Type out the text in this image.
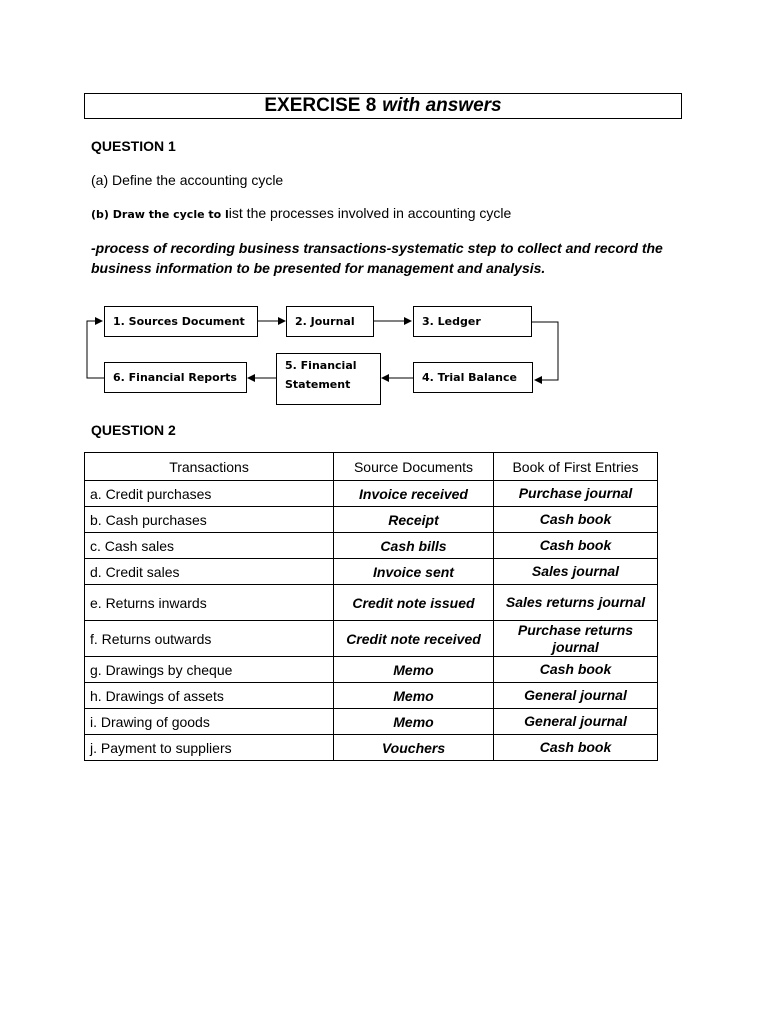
EXERCISE 8 with answers
QUESTION 1
(a) Define the accounting cycle
(b) Draw the cycle to list the processes involved in accounting cycle
-process of recording business transactions-systematic step to collect and record the business information to be presented for management and analysis.
1. Sources Document	2. Journal	3. Ledger
4. Trial Balance
5. Financial Statement
6. Financial Reports
QUESTION 2
Transactions	Source Documents	Book of First Entries
a. Credit purchases	Invoice received	Purchase journal
b. Cash purchases	Receipt	Cash book
c. Cash sales	Cash bills	Cash book
d. Credit sales	Invoice sent	Sales journal
e. Returns inwards	Credit note issued	Sales returns journal
f. Returns outwards	Credit note received	Purchase returns journal
g. Drawings by cheque	Memo	Cash book
h. Drawings of assets	Memo	General journal
i. Drawing of goods	Memo	General journal
j. Payment to suppliers	Vouchers	Cash book
